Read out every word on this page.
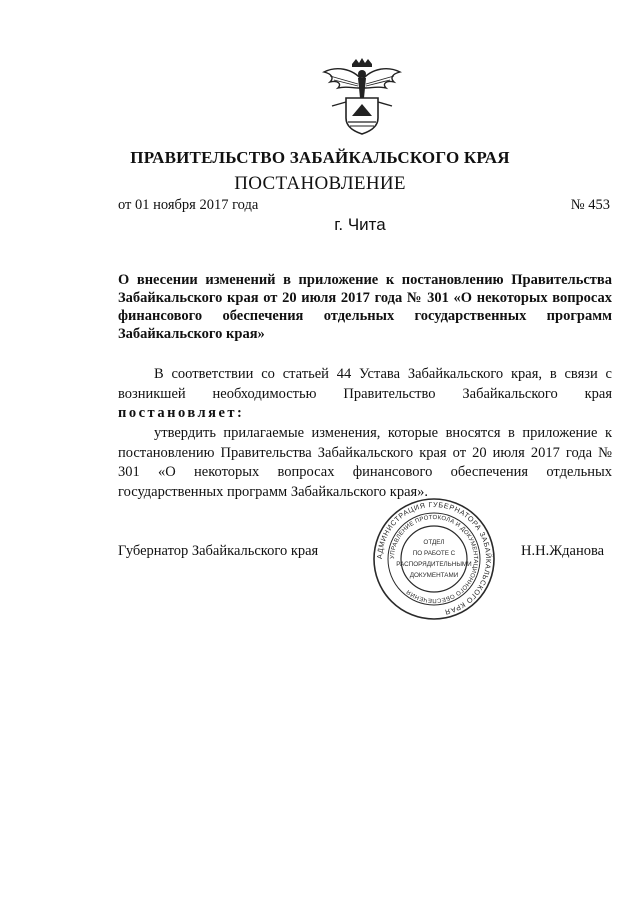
ПРАВИТЕЛЬСТВО ЗАБАЙКАЛЬСКОГО КРАЯ
ПОСТАНОВЛЕНИЕ
от 01 ноября 2017 года	№ 453
г. Чита
О внесении изменений в приложение к постановлению Правительства Забайкальского края от 20 июля 2017 года № 301 «О некоторых вопросах финансового обеспечения отдельных государственных программ Забайкальского края»
В соответствии со статьей 44 Устава Забайкальского края, в связи с возникшей необходимостью Правительство Забайкальского края постановляет:
утвердить прилагаемые изменения, которые вносятся в приложение к постановлению Правительства Забайкальского края от 20 июля 2017 года № 301 «О некоторых вопросах финансового обеспечения отдельных государственных программ Забайкальского края».
Губернатор Забайкальского края	Н.Н.Жданова
АДМИНИСТРАЦИЯ ГУБЕРНАТОРА ЗАБАЙКАЛЬСКОГО КРАЯ
УПРАВЛЕНИЕ ПРОТОКОЛА И ДОКУМЕНТАЦИОННОГО ОБЕСПЕЧЕНИЯ
ОТДЕЛ
ПО РАБОТЕ С
РАСПОРЯДИТЕЛЬНЫМИ
ДОКУМЕНТАМИ
